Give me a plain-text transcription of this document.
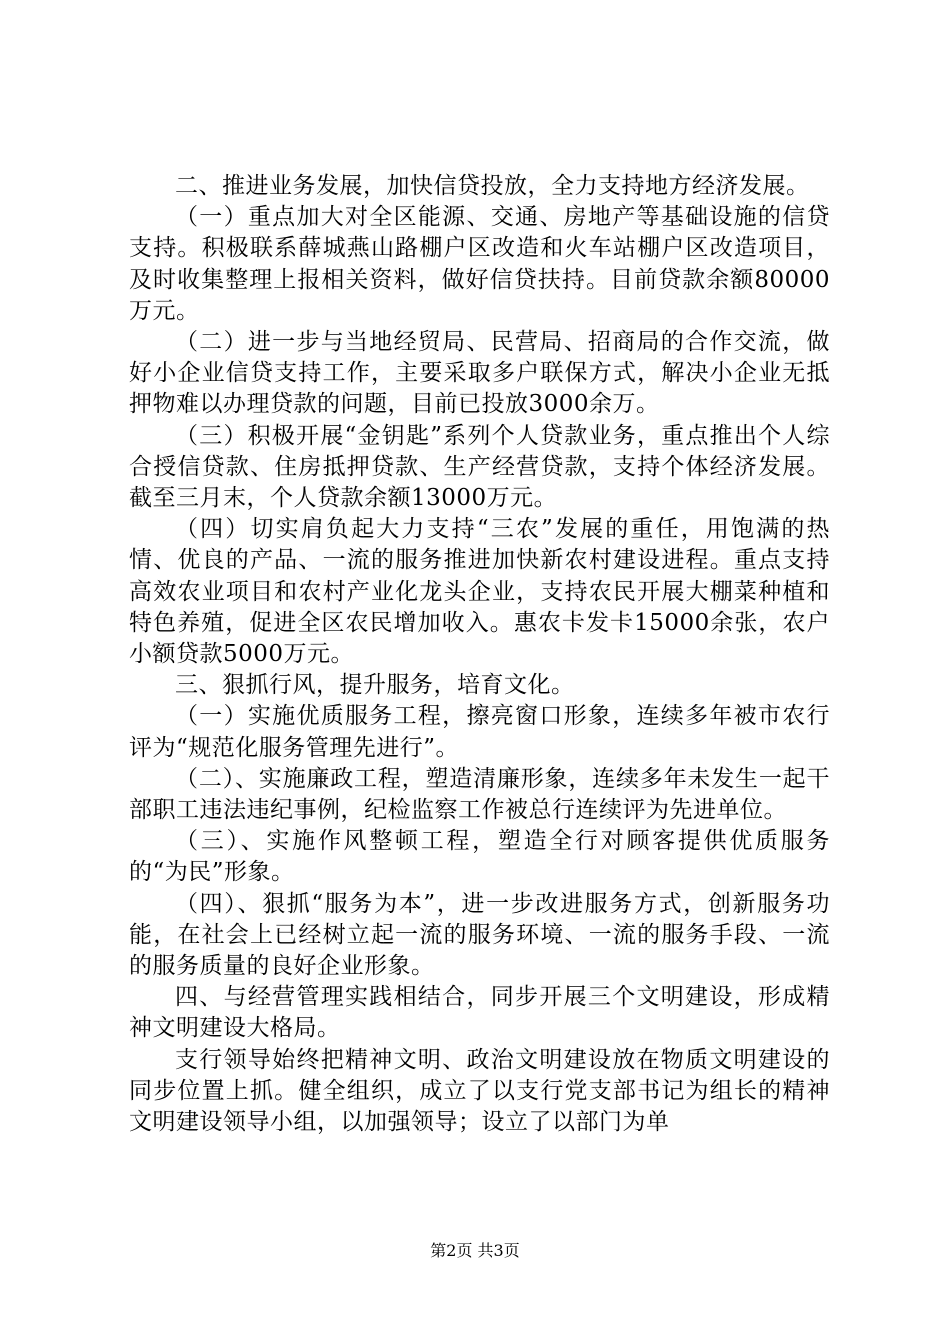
二、推进业务发展，加快信贷投放，全力支持地方经济发展。

（一）重点加大对全区能源、交通、房地产等基础设施的信贷支持。积极联系薛城燕山路棚户区改造和火车站棚户区改造项目，及时收集整理上报相关资料，做好信贷扶持。目前贷款余额80000万元。

（二）进一步与当地经贸局、民营局、招商局的合作交流，做好小企业信贷支持工作，主要采取多户联保方式，解决小企业无抵押物难以办理贷款的问题，目前已投放3000余万。

（三）积极开展“金钥匙”系列个人贷款业务，重点推出个人综合授信贷款、住房抵押贷款、生产经营贷款，支持个体经济发展。截至三月末，个人贷款余额13000万元。

（四）切实肩负起大力支持“三农”发展的重任，用饱满的热情、优良的产品、一流的服务推进加快新农村建设进程。重点支持高效农业项目和农村产业化龙头企业，支持农民开展大棚菜种植和特色养殖，促进全区农民增加收入。惠农卡发卡15000余张，农户小额贷款5000万元。

三、狠抓行风，提升服务，培育文化。

（一）实施优质服务工程，擦亮窗口形象，连续多年被市农行评为“规范化服务管理先进行”。

（二）、实施廉政工程，塑造清廉形象，连续多年未发生一起干部职工违法违纪事例，纪检监察工作被总行连续评为先进单位。

（三）、实施作风整顿工程，塑造全行对顾客提供优质服务的“为民”形象。

（四）、狠抓“服务为本”，进一步改进服务方式，创新服务功能，在社会上已经树立起一流的服务环境、一流的服务手段、一流的服务质量的良好企业形象。

四、与经营管理实践相结合，同步开展三个文明建设，形成精神文明建设大格局。

支行领导始终把精神文明、政治文明建设放在物质文明建设的同步位置上抓。健全组织，成立了以支行党支部书记为组长的精神文明建设领导小组，以加强领导；设立了以部门为单

第2页 共3页
